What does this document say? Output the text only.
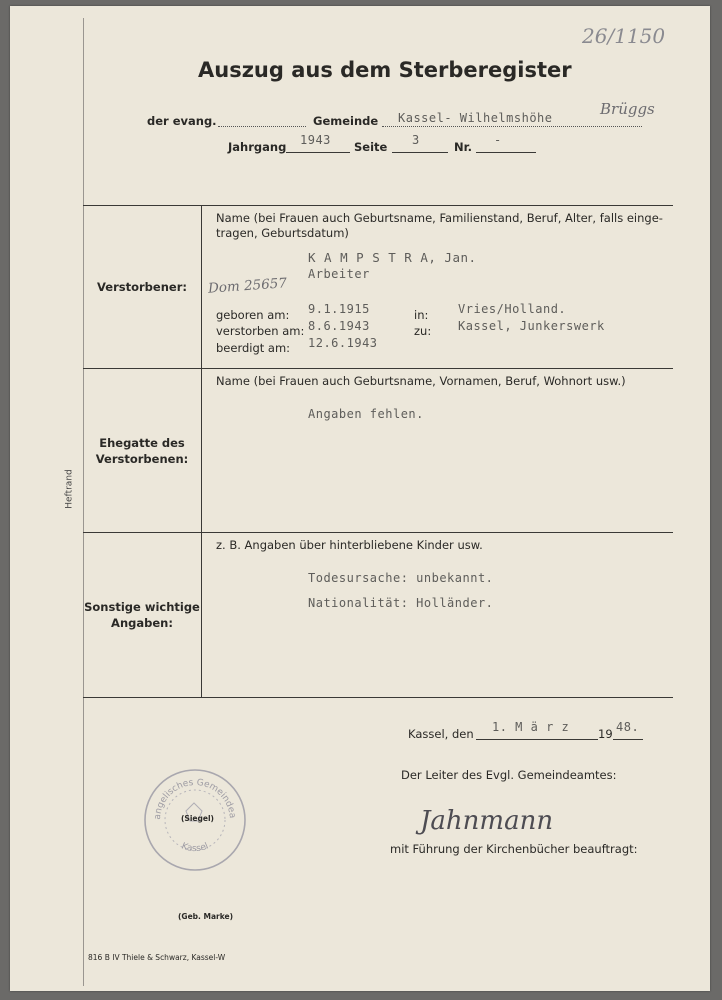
26/1150
Heftrand
Auszug aus dem Sterberegister
der evang.	Gemeinde Kassel- Wilhelmshöhe	Brüggs
Jahrgang 1943 Seite 3	Nr. -
Verstorbener:
Name (bei Frauen auch Geburtsname, Familienstand, Beruf, Alter, falls einge-
tragen, Geburtsdatum)
K A M P S T R A, Jan.
Arbeiter
Dom 25657
geboren am: 9.1.1915	in: Vries/Holland.
verstorben am: 8.6.1943	zu: Kassel, Junkerswerk
beerdigt am: 12.6.1943
Ehegatte des
Verstorbenen:
Name (bei Frauen auch Geburtsname, Vornamen, Beruf, Wohnort usw.)
Angaben fehlen.
Sonstige wichtige
Angaben:
z. B. Angaben über hinterbliebene Kinder usw.
Todesursache: unbekannt.
Nationalität: Holländer.
Kassel, den 1. M ä r z	19 48.
Der Leiter des Evgl. Gemeindeamtes:
Jahnmann
mit Führung der Kirchenbücher beauftragt:
angelisches Gemeindea
Kassel
(Siegel)
(Geb. Marke)
816 B IV Thiele & Schwarz, Kassel-W
